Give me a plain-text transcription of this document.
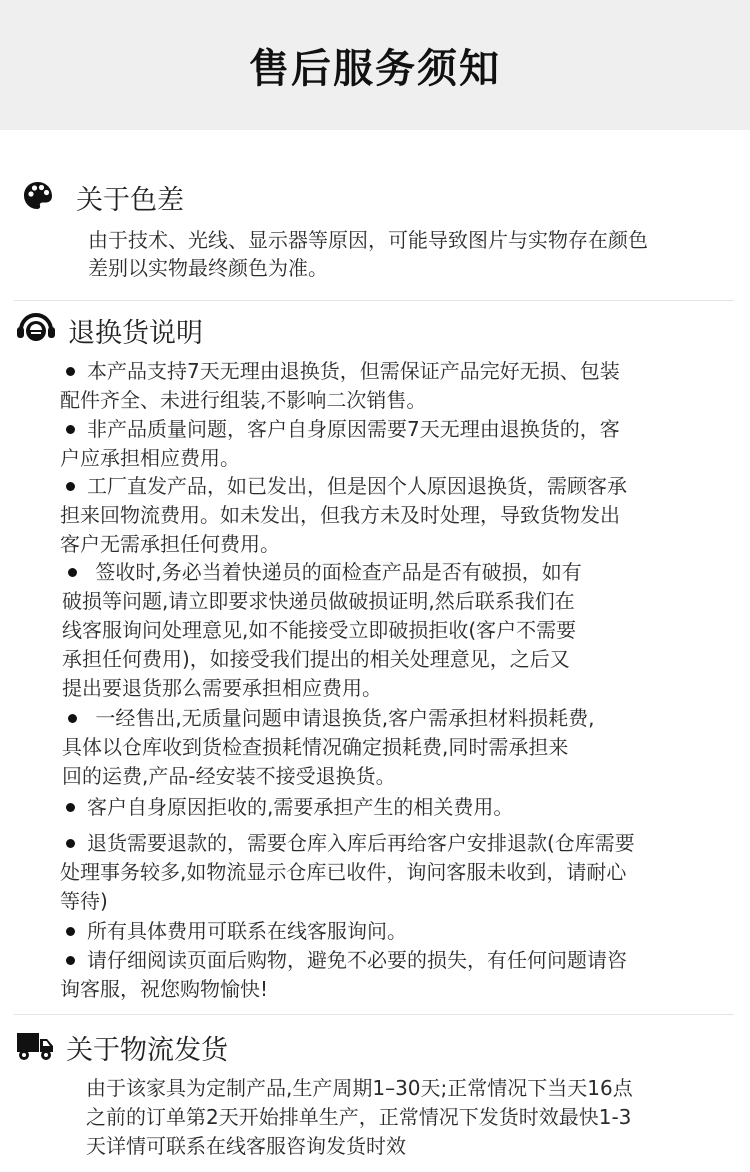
售后服务须知
关于色差
由于技术、光线、显示器等原因，可能导致图片与实物存在颜色
差别以实物最终颜色为准。
退换货说明
本产品支持7天无理由退换货，但需保证产品完好无损、包装
配件齐全、未进行组装,不影响二次销售。
非产品质量问题，客户自身原因需要7天无理由退换货的，客
户应承担相应费用。
工厂直发产品，如已发出，但是因个人原因退换货，需顾客承
担来回物流费用。如未发出，但我方未及时处理，导致货物发出
客户无需承担任何费用。
签收时,务必当着快递员的面检查产品是否有破损，如有
破损等问题,请立即要求快递员做破损证明,然后联系我们在
线客服询问处理意见,如不能接受立即破损拒收(客户不需要
承担任何费用)，如接受我们提出的相关处理意见，之后又
提出要退货那么需要承担相应费用。
一经售出,无质量问题申请退换货,客户需承担材料损耗费,
具体以仓库收到货检查损耗情况确定损耗费,同时需承担来
回的运费,产品-经安装不接受退换货。
客户自身原因拒收的,需要承担产生的相关费用。
退货需要退款的，需要仓库入库后再给客户安排退款(仓库需要
处理事务较多,如物流显示仓库已收件，询问客服未收到，请耐心
等待)
所有具体费用可联系在线客服询问。
请仔细阅读页面后购物，避免不必要的损失，有任何问题请咨
询客服，祝您购物愉快!
关于物流发货
由于该家具为定制产品,生产周期1–30天;正常情况下当天16点
之前的订单第2天开始排单生产，正常情况下发货时效最快1-3
天详情可联系在线客服咨询发货时效
